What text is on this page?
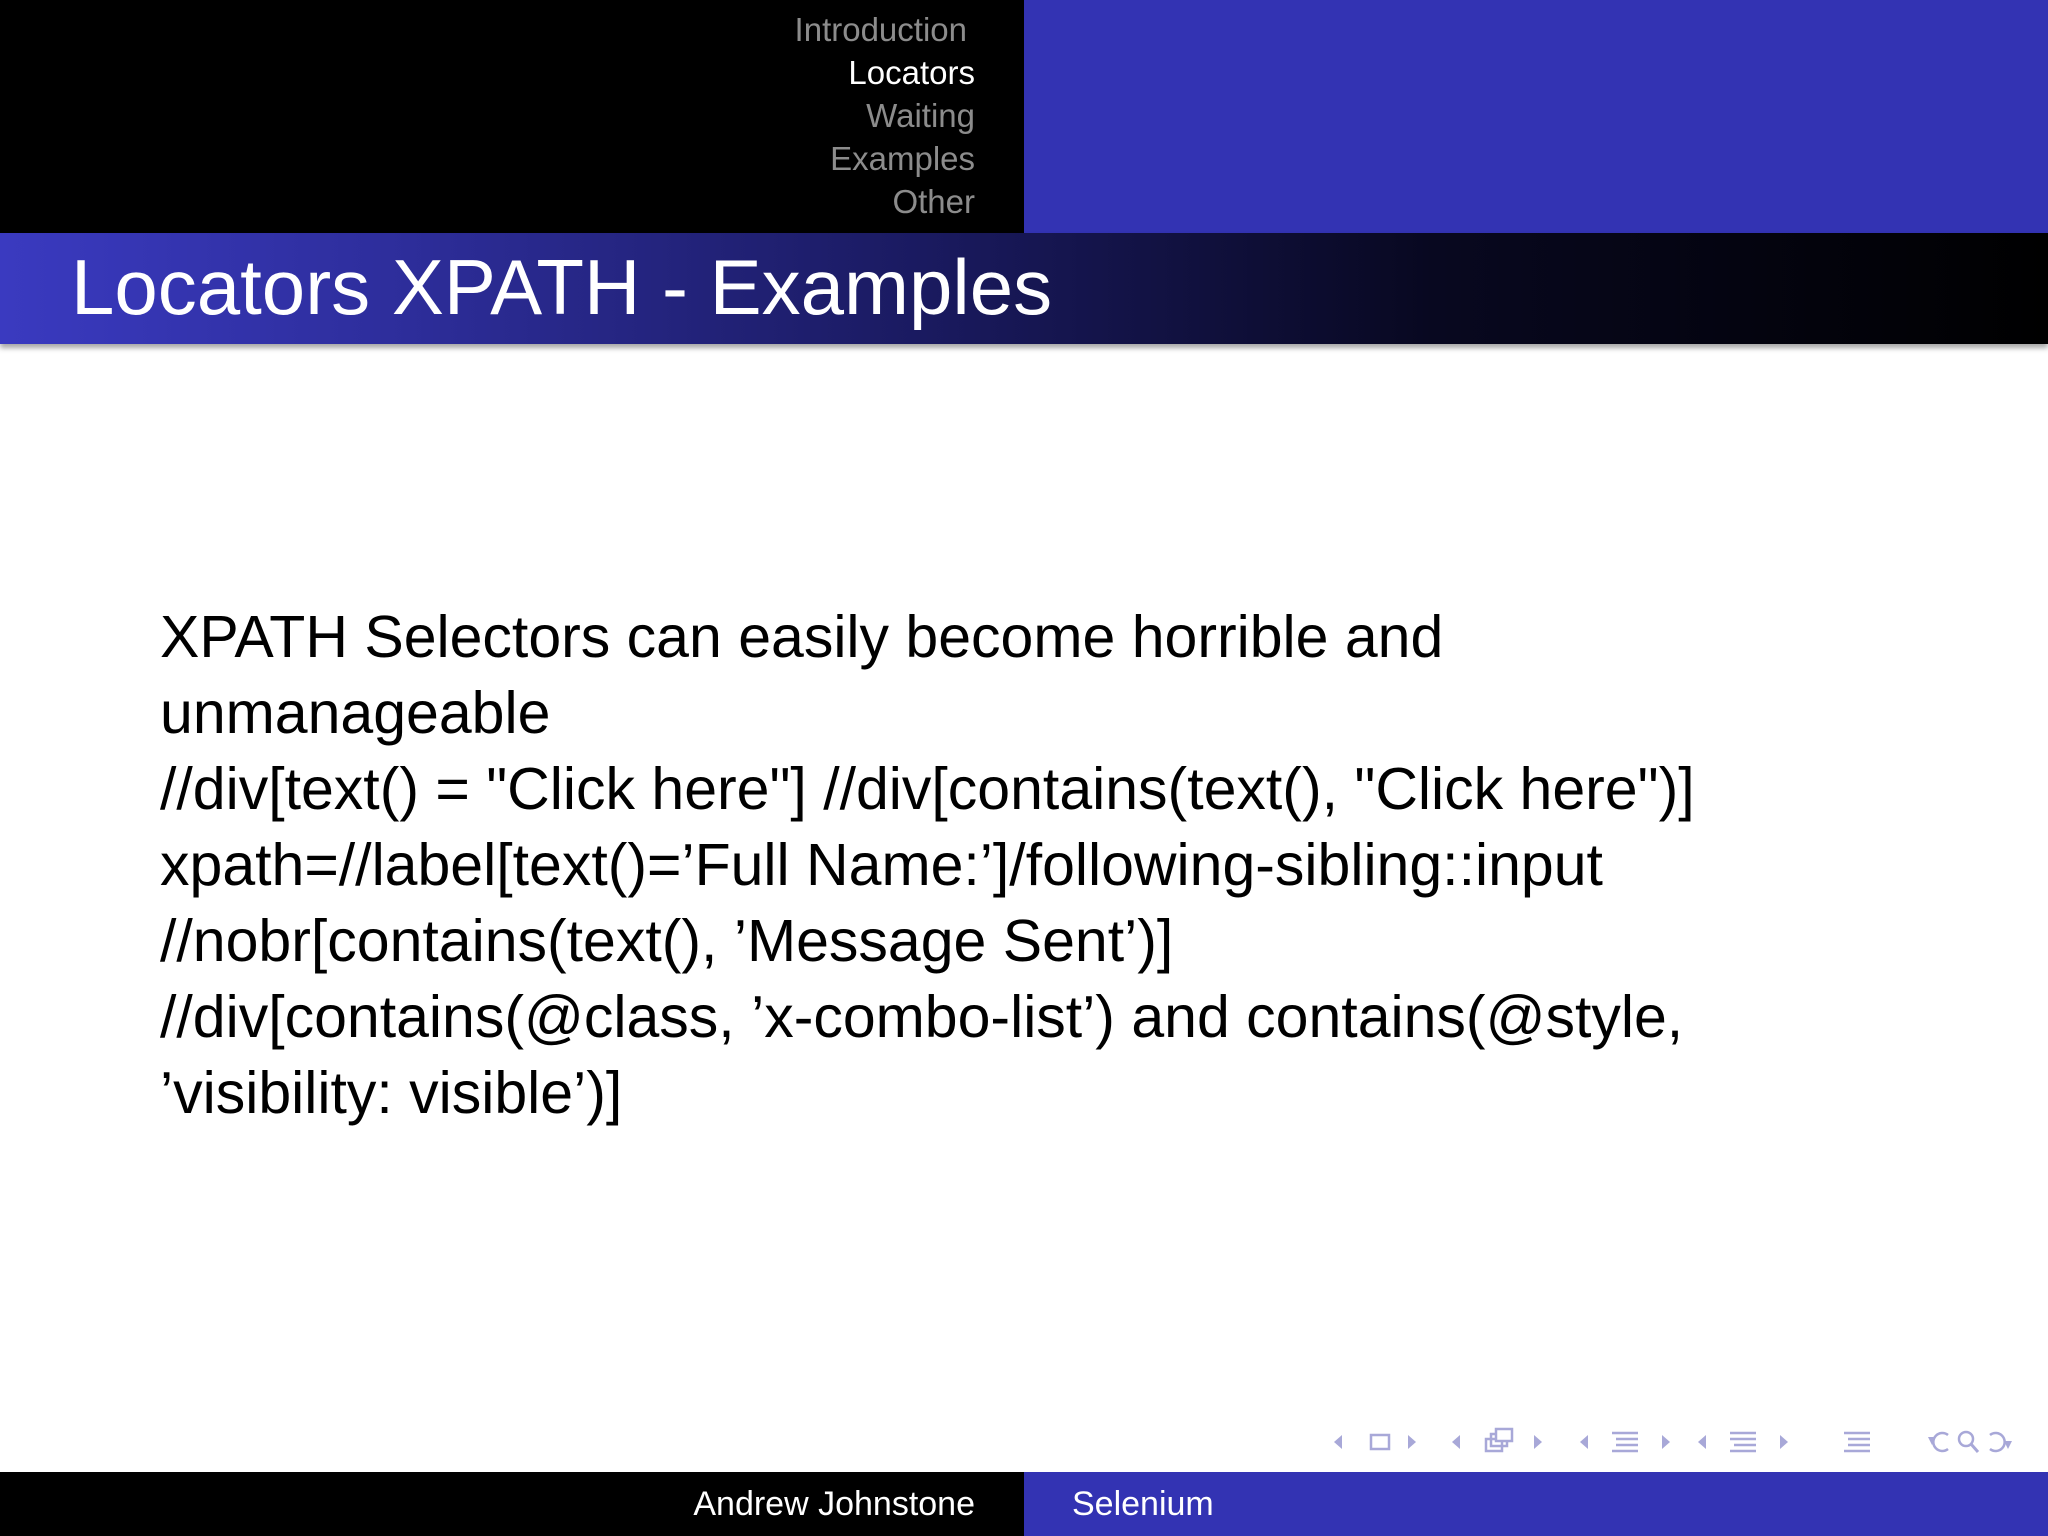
Introduction
Locators
Waiting
Examples
Other
Locators XPATH - Examples
XPATH Selectors can easily become horrible and
unmanageable
//div[text() = "Click here"] //div[contains(text(), "Click here")]
xpath=//label[text()=’Full Name:’]/following-sibling::input
//nobr[contains(text(), ’Message Sent’)]
//div[contains(@class, ’x-combo-list’) and contains(@style,
’visibility: visible’)]
Andrew Johnstone	Selenium
